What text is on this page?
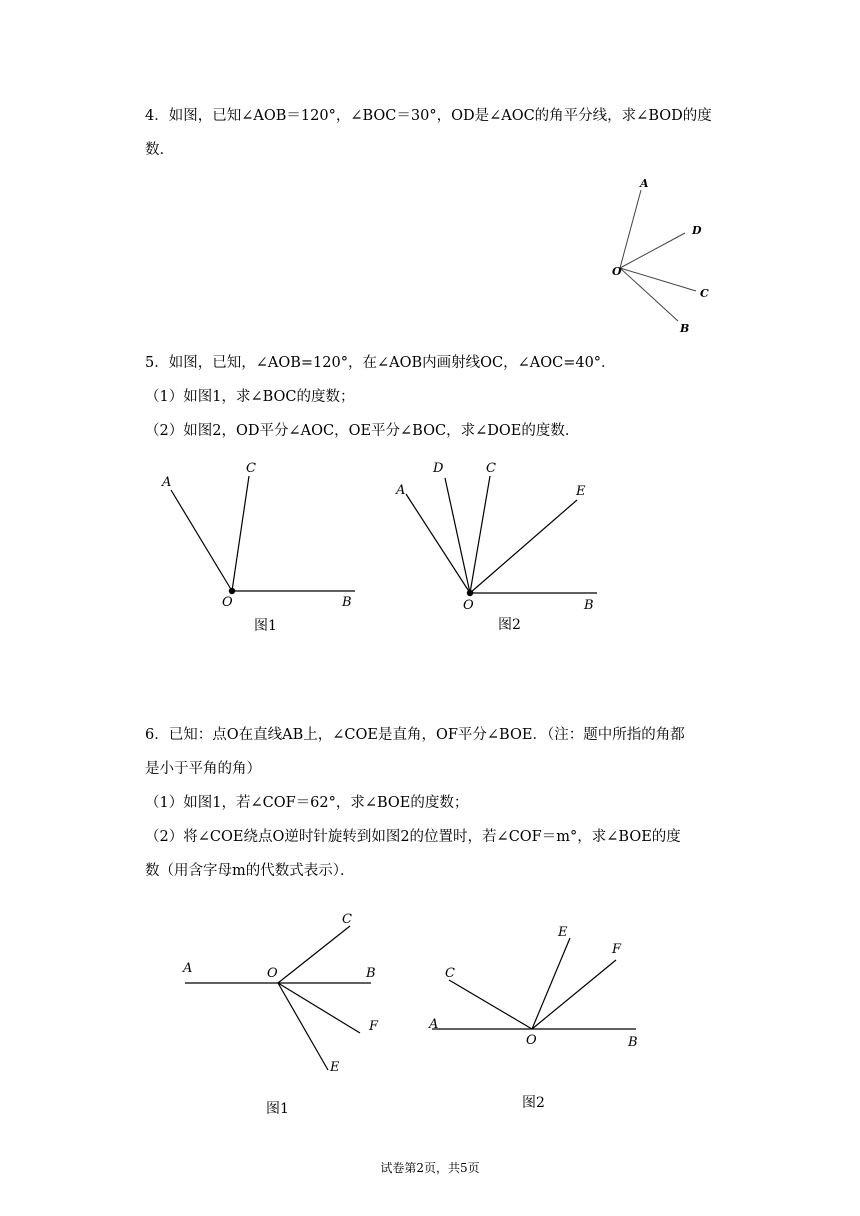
4．如图，已知∠AOB＝120°，∠BOC＝30°，OD是∠AOC的角平分线，求∠BOD的度
数．
A
D
O
C
B
5．如图，已知，∠AOB=120°，在∠AOB内画射线OC，∠AOC=40°．
（1）如图1，求∠BOC的度数；
（2）如图2，OD平分∠AOC，OE平分∠BOC，求∠DOE的度数．
A
C
O	B
图1
A
D	C
E
O	B
图2
6．已知：点O在直线AB上，∠COE是直角，OF平分∠BOE．（注：题中所指的角都
是小于平角的角）
（1）如图1，若∠COF＝62°，求∠BOE的度数；
（2）将∠COE绕点O逆时针旋转到如图2的位置时，若∠COF＝m°，求∠BOE的度
数（用含字母m的代数式表示）．
A	O	B
C
F
E
图1
C
E
F
A
O	B
图2
试卷第2页，共5页
